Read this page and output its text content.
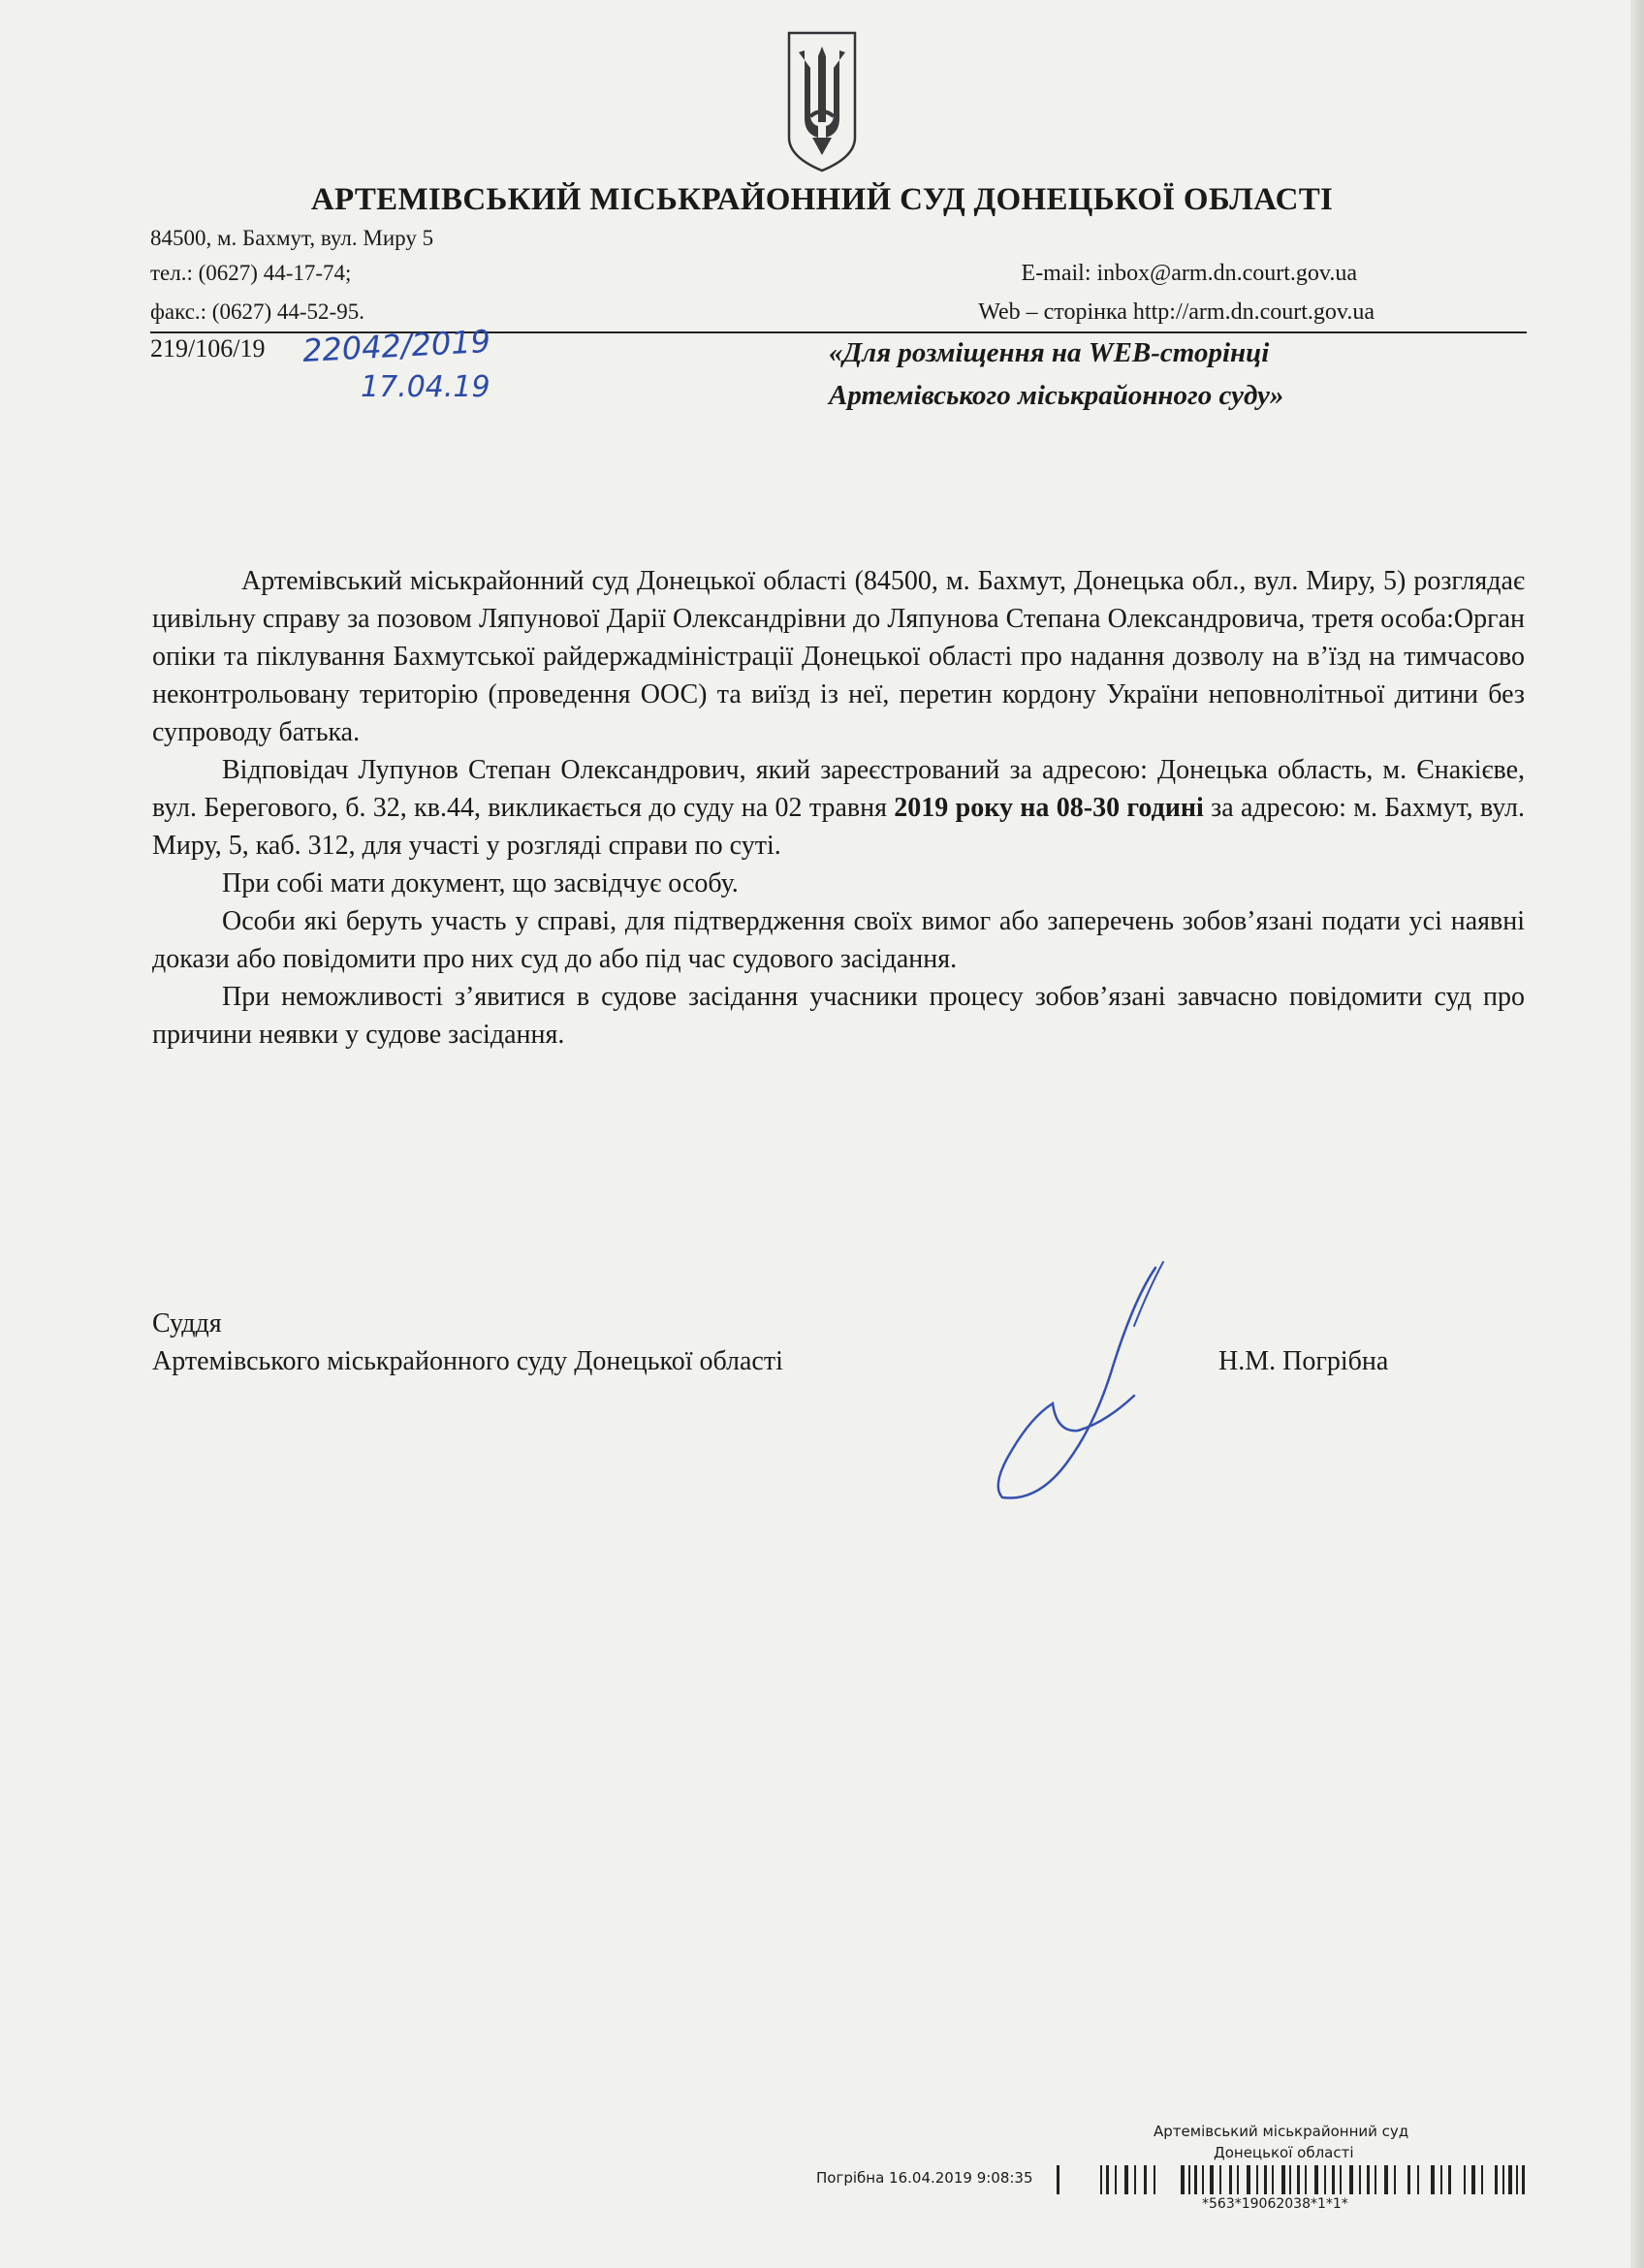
АРТЕМІВСЬКИЙ МІСЬКРАЙОННИЙ СУД ДОНЕЦЬКОЇ ОБЛАСТІ
84500, м. Бахмут, вул. Миру 5
тел.: (0627) 44-17-74;
факс.: (0627) 44-52-95.
E-mail: inbox@arm.dn.court.gov.ua
Web – сторінка http://arm.dn.court.gov.ua
219/106/19 22042/2019
17.04.19
«Для розміщення на WEB-сторінці
Артемівського міськрайонного суду»

Артемівський міськрайонний суд Донецької області (84500, м. Бахмут, Донецька обл., вул. Миру, 5) розглядає цивільну справу за позовом Ляпунової Дарії Олександрівни до Ляпунова Степана Олександровича, третя особа:Орган опіки та піклування Бахмутської райдержадміністрації Донецької області про надання дозволу на в’їзд на тимчасово неконтрольовану територію (проведення ООС) та виїзд із неї, перетин кордону України неповнолітньої дитини без супроводу батька.

Відповідач Лупунов Степан Олександрович, який зареєстрований за адресою: Донецька область, м. Єнакієве, вул. Берегового, б. 32, кв.44, викликається до суду на 02 травня 2019 року на 08-30 годині за адресою: м. Бахмут, вул. Миру, 5, каб. 312, для участі у розгляді справи по суті.

При собі мати документ, що засвідчує особу.

Особи які беруть участь у справі, для підтвердження своїх вимог або заперечень зобов’язані подати усі наявні докази або повідомити про них суд до або під час судового засідання.

При неможливості з’явитися в судове засідання учасники процесу зобов’язані завчасно повідомити суд про причини неявки у судове засідання.

Суддя
Артемівського міськрайонного суду Донецької області	Н.М. Погрібна
Артемівський міськрайонний суд
Донецької області
Погрібна 16.04.2019 9:08:35
*563*19062038*1*1*
